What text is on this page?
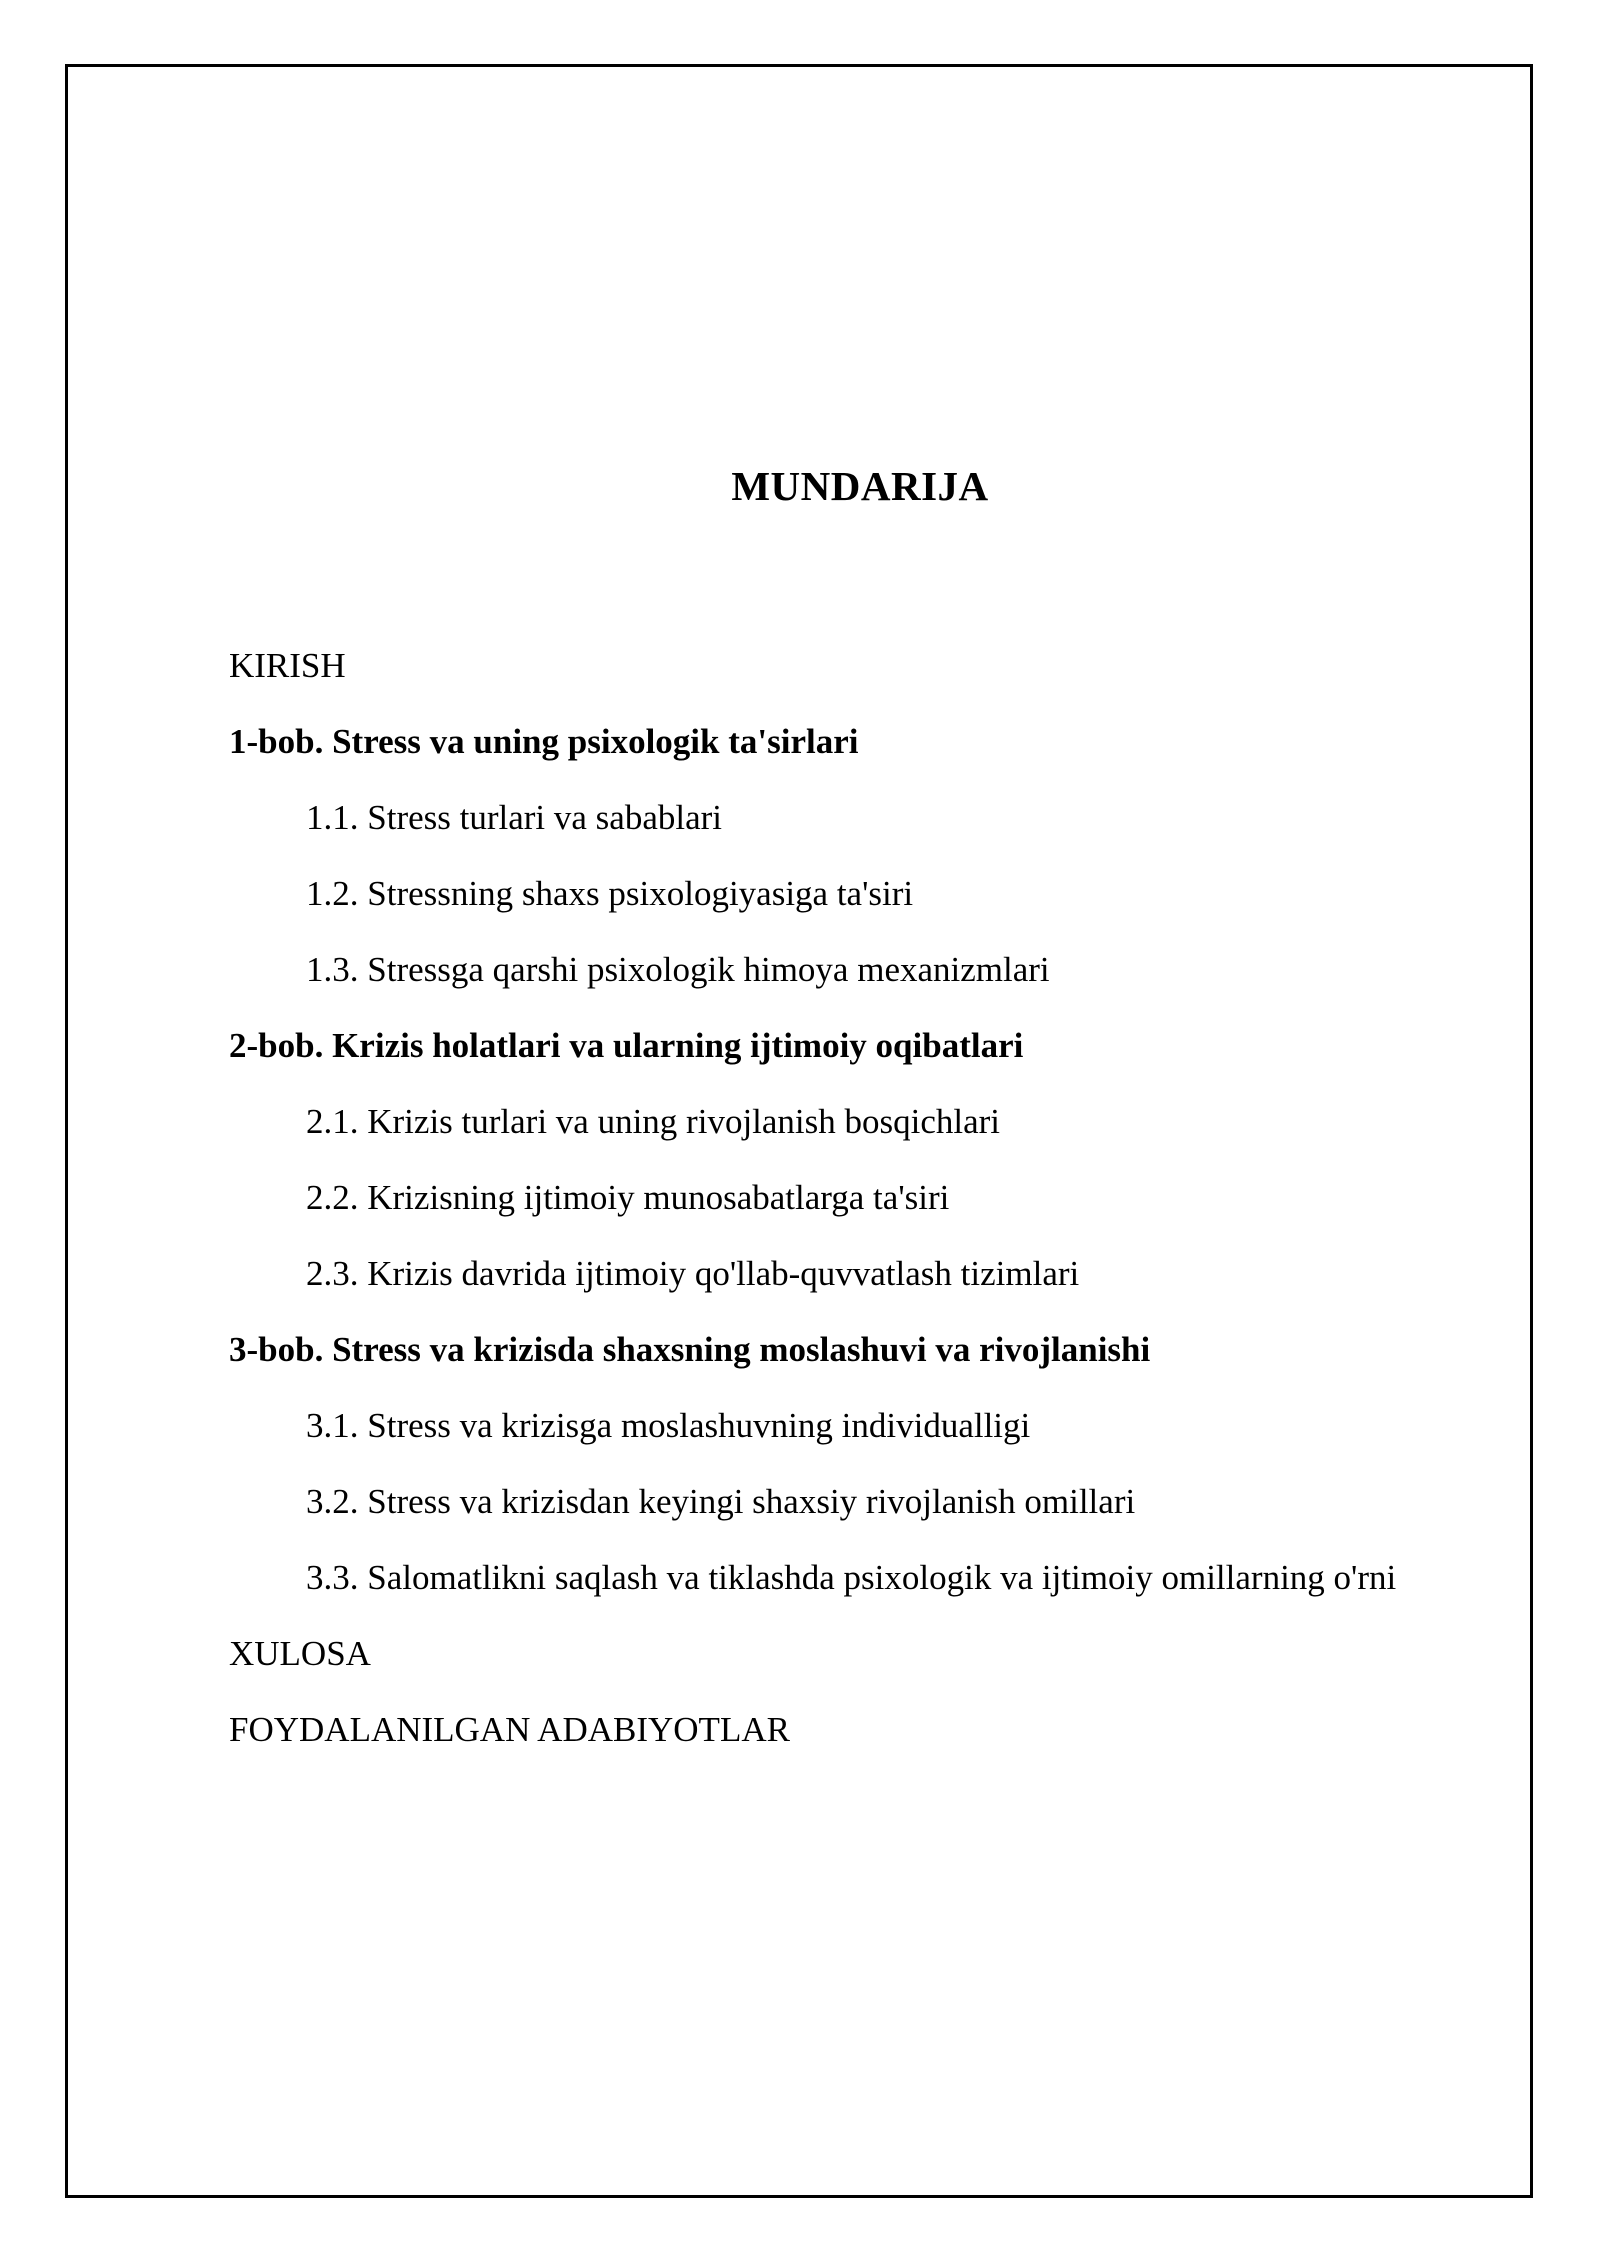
MUNDARIJA
KIRISH
1-bob. Stress va uning psixologik ta'sirlari
1.1. Stress turlari va sabablari
1.2. Stressning shaxs psixologiyasiga ta'siri
1.3. Stressga qarshi psixologik himoya mexanizmlari
2-bob. Krizis holatlari va ularning ijtimoiy oqibatlari
2.1. Krizis turlari va uning rivojlanish bosqichlari
2.2. Krizisning ijtimoiy munosabatlarga ta'siri
2.3. Krizis davrida ijtimoiy qo'llab-quvvatlash tizimlari
3-bob. Stress va krizisda shaxsning moslashuvi va rivojlanishi
3.1. Stress va krizisga moslashuvning individualligi
3.2. Stress va krizisdan keyingi shaxsiy rivojlanish omillari
3.3. Salomatlikni saqlash va tiklashda psixologik va ijtimoiy omillarning o'rni
XULOSA
FOYDALANILGAN ADABIYOTLAR
